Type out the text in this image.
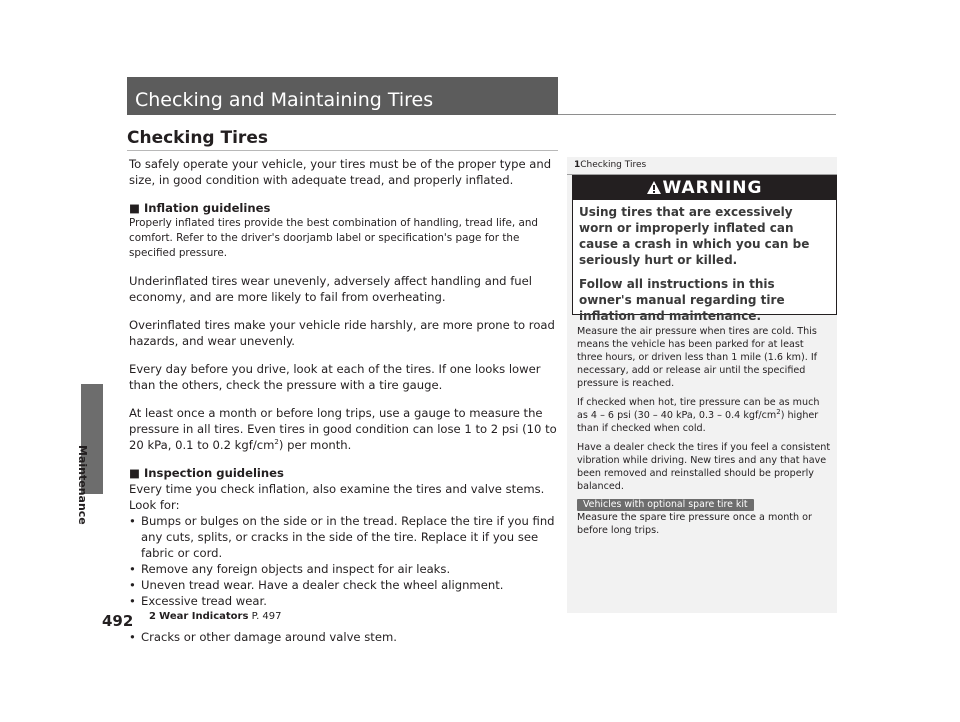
Maintenance
492
Checking and Maintaining Tires
Checking Tires

To safely operate your vehicle, your tires must be of the proper type and size, in good condition with adequate tread, and properly inflated.

■ Inflation guidelines

Properly inflated tires provide the best combination of handling, tread life, and comfort. Refer to the driver's doorjamb label or specification's page for the specified pressure.

Underinflated tires wear unevenly, adversely affect handling and fuel economy, and are more likely to fail from overheating.

Overinflated tires make your vehicle ride harshly, are more prone to road hazards, and wear unevenly.

Every day before you drive, look at each of the tires. If one looks lower than the others, check the pressure with a tire gauge.

At least once a month or before long trips, use a gauge to measure the pressure in all tires. Even tires in good condition can lose 1 to 2 psi (10 to 20 kPa, 0.1 to 0.2 kgf/$cm^2$) per month.

■ Inspection guidelines

Every time you check inflation, also examine the tires and valve stems.

Look for:

• Bumps or bulges on the side or in the tread. Replace the tire if you find any cuts, splits, or cracks in the side of the tire. Replace it if you see fabric or cord.
• Remove any foreign objects and inspect for air leaks.
• Uneven tread wear. Have a dealer check the wheel alignment.
• Excessive tread wear.
2 Wear Indicators P. 497
• Cracks or other damage around valve stem.
1Checking Tires
WARNING

Using tires that are excessively worn or improperly inflated can cause a crash in which you can be seriously hurt or killed.

Follow all instructions in this owner's manual regarding tire inflation and maintenance.

Measure the air pressure when tires are cold. This means the vehicle has been parked for at least three hours, or driven less than 1 mile (1.6 km). If necessary, add or release air until the specified pressure is reached.

If checked when hot, tire pressure can be as much as 4 – 6 psi (30 – 40 kPa, 0.3 – 0.4 kgf/$cm^2$) higher than if checked when cold.

Have a dealer check the tires if you feel a consistent vibration while driving. New tires and any that have been removed and reinstalled should be properly balanced.

Vehicles with optional spare tire kit

Measure the spare tire pressure once a month or before long trips.
